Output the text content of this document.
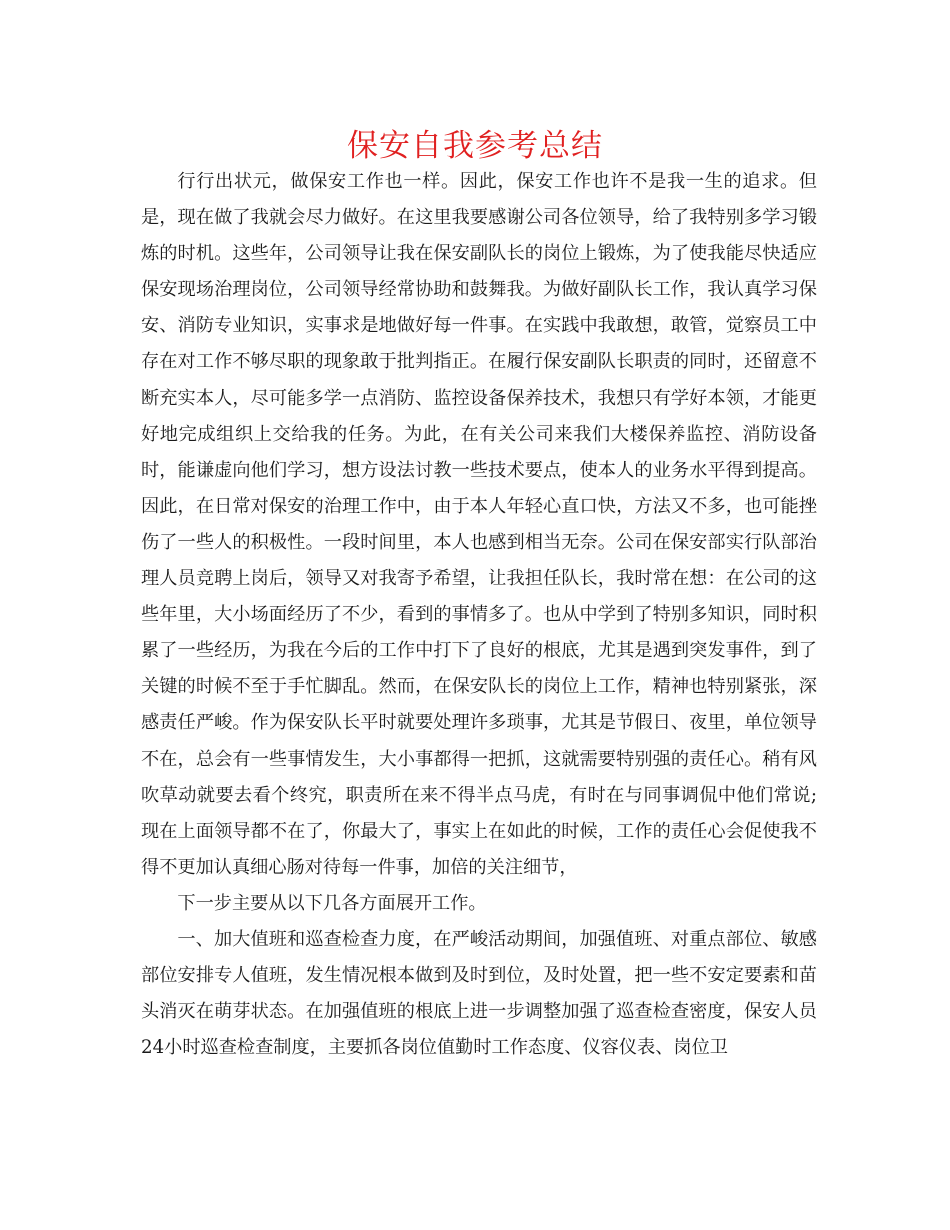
保安自我参考总结

行行出状元，做保安工作也一样。因此，保安工作也许不是我一生的追求。但是，现在做了我就会尽力做好。在这里我要感谢公司各位领导，给了我特别多学习锻炼的时机。这些年，公司领导让我在保安副队长的岗位上锻炼，为了使我能尽快适应保安现场治理岗位，公司领导经常协助和鼓舞我。为做好副队长工作，我认真学习保安、消防专业知识，实事求是地做好每一件事。在实践中我敢想，敢管，觉察员工中存在对工作不够尽职的现象敢于批判指正。在履行保安副队长职责的同时，还留意不断充实本人，尽可能多学一点消防、监控设备保养技术，我想只有学好本领，才能更好地完成组织上交给我的任务。为此，在有关公司来我们大楼保养监控、消防设备时，能谦虚向他们学习，想方设法讨教一些技术要点，使本人的业务水平得到提高。因此，在日常对保安的治理工作中，由于本人年轻心直口快，方法又不多，也可能挫伤了一些人的积极性。一段时间里，本人也感到相当无奈。公司在保安部实行队部治理人员竞聘上岗后，领导又对我寄予希望，让我担任队长，我时常在想：在公司的这些年里，大小场面经历了不少，看到的事情多了。也从中学到了特别多知识，同时积累了一些经历，为我在今后的工作中打下了良好的根底，尤其是遇到突发事件，到了关键的时候不至于手忙脚乱。然而，在保安队长的岗位上工作，精神也特别紧张，深感责任严峻。作为保安队长平时就要处理许多琐事，尤其是节假日、夜里，单位领导不在，总会有一些事情发生，大小事都得一把抓，这就需要特别强的责任心。稍有风吹草动就要去看个终究，职责所在来不得半点马虎，有时在与同事调侃中他们常说;现在上面领导都不在了，你最大了，事实上在如此的时候，工作的责任心会促使我不得不更加认真细心肠对待每一件事，加倍的关注细节，

下一步主要从以下几各方面展开工作。

一、加大值班和巡查检查力度，在严峻活动期间，加强值班、对重点部位、敏感部位安排专人值班，发生情况根本做到及时到位，及时处置，把一些不安定要素和苗头消灭在萌芽状态。在加强值班的根底上进一步调整加强了巡查检查密度，保安人员24小时巡查检查制度，主要抓各岗位值勤时工作态度、仪容仪表、岗位卫
